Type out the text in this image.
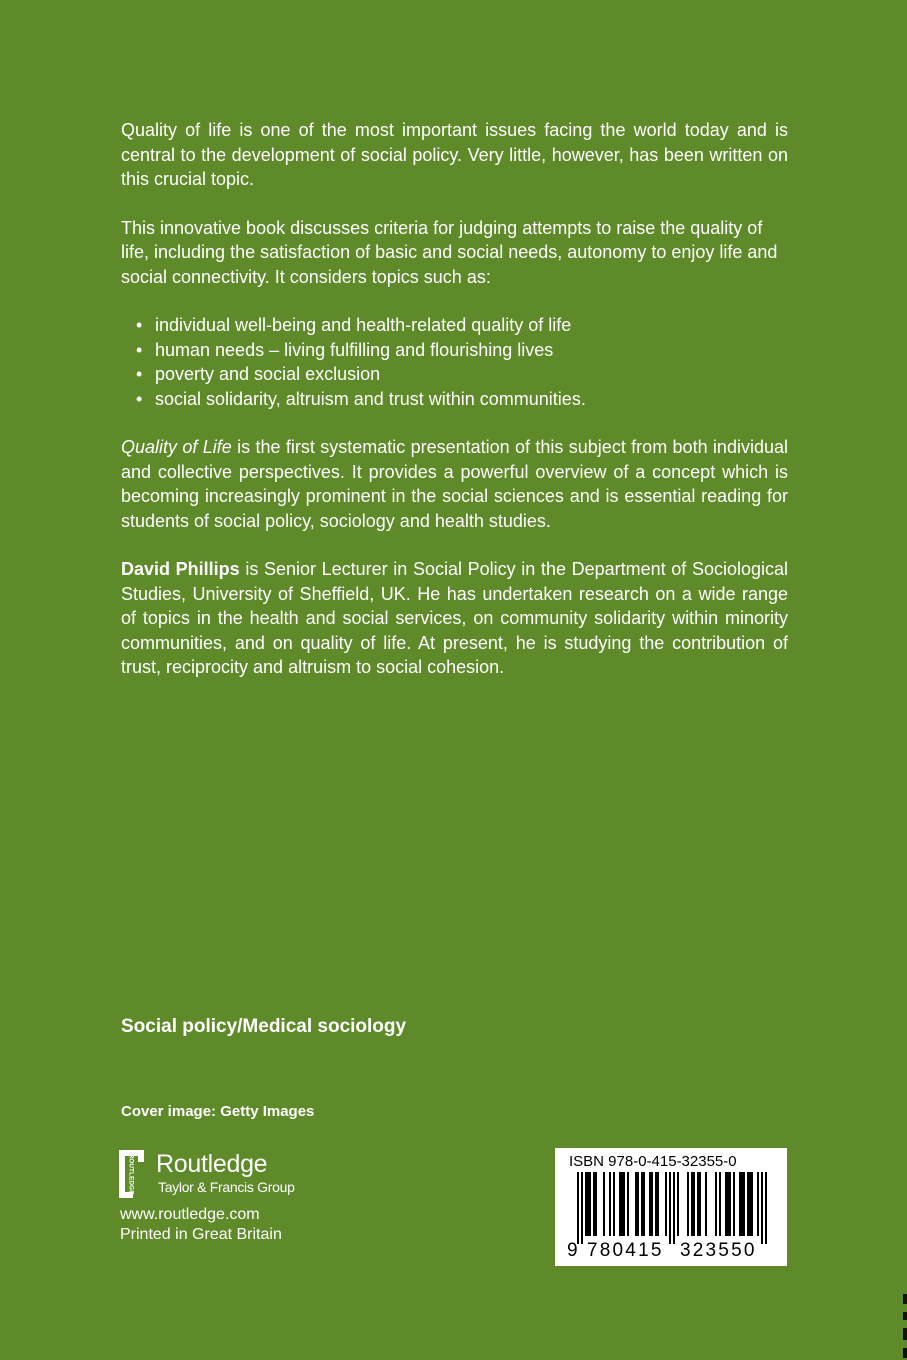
Quality of life is one of the most important issues facing the world today and is central to the development of social policy. Very little, however, has been written on this crucial topic.

This innovative book discusses criteria for judging attempts to raise the quality of life, including the satisfaction of basic and social needs, autonomy to enjoy life and social connectivity. It considers topics such as:

• individual well-being and health-related quality of life
• human needs – living fulfilling and flourishing lives
• poverty and social exclusion
• social solidarity, altruism and trust within communities.

Quality of Life is the first systematic presentation of this subject from both individual and collective perspectives. It provides a powerful overview of a concept which is becoming increasingly prominent in the social sciences and is essential reading for students of social policy, sociology and health studies.

David Phillips is Senior Lecturer in Social Policy in the Department of Sociological Studies, University of Sheffield, UK. He has undertaken research on a wide range of topics in the health and social services, on community solidarity within minority communities, and on quality of life. At present, he is studying the contribution of trust, reciprocity and altruism to social cohesion.

Social policy/Medical sociology
Cover image: Getty Images
ROUTLEDGE Routledge
Taylor & Francis Group
www.routledge.com
Printed in Great Britain
ISBN 978-0-415-32355-0
9 780415 323550
